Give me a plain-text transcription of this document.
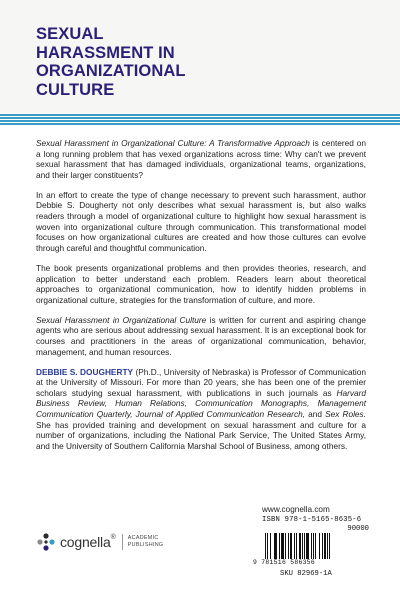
SEXUAL
HARASSMENT IN
ORGANIZATIONAL
CULTURE

Sexual Harassment in Organizational Culture: A Transformative Approach is centered on a long running problem that has vexed organizations across time: Why can't we prevent sexual harassment that has damaged individuals, organizational teams, organizations, and their larger constituents?

In an effort to create the type of change necessary to prevent such harassment, author Debbie S. Dougherty not only describes what sexual harassment is, but also walks readers through a model of organizational culture to highlight how sexual harassment is woven into organizational culture through communication. This transformational model focuses on how organizational cultures are created and how those cultures can evolve through careful and thoughtful communication.

The book presents organizational problems and then provides theories, research, and application to better understand each problem. Readers learn about theoretical approaches to organizational communication, how to identify hidden problems in organizational culture, strategies for the transformation of culture, and more.

Sexual Harassment in Organizational Culture is written for current and aspiring change agents who are serious about addressing sexual harassment. It is an exceptional book for courses and practitioners in the areas of organizational communication, behavior, management, and human resources.

DEBBIE S. DOUGHERTY (Ph.D., University of Nebraska) is Professor of Communication at the University of Missouri. For more than 20 years, she has been one of the premier scholars studying sexual harassment, with publications in such journals as Harvard Business Review, Human Relations, Communication Monographs, Management Communication Quarterly, Journal of Applied Communication Research, and Sex Roles. She has provided training and development on sexual harassment and culture for a number of organizations, including the National Park Service, The United States Army, and the University of Southern California Marshal School of Business, among others.

cognella ® ACADEMIC
PUBLISHING
www.cognella.com
ISBN 978-1-5165-8635-6
90000
9 781516 586356
SKU 82969-1A
